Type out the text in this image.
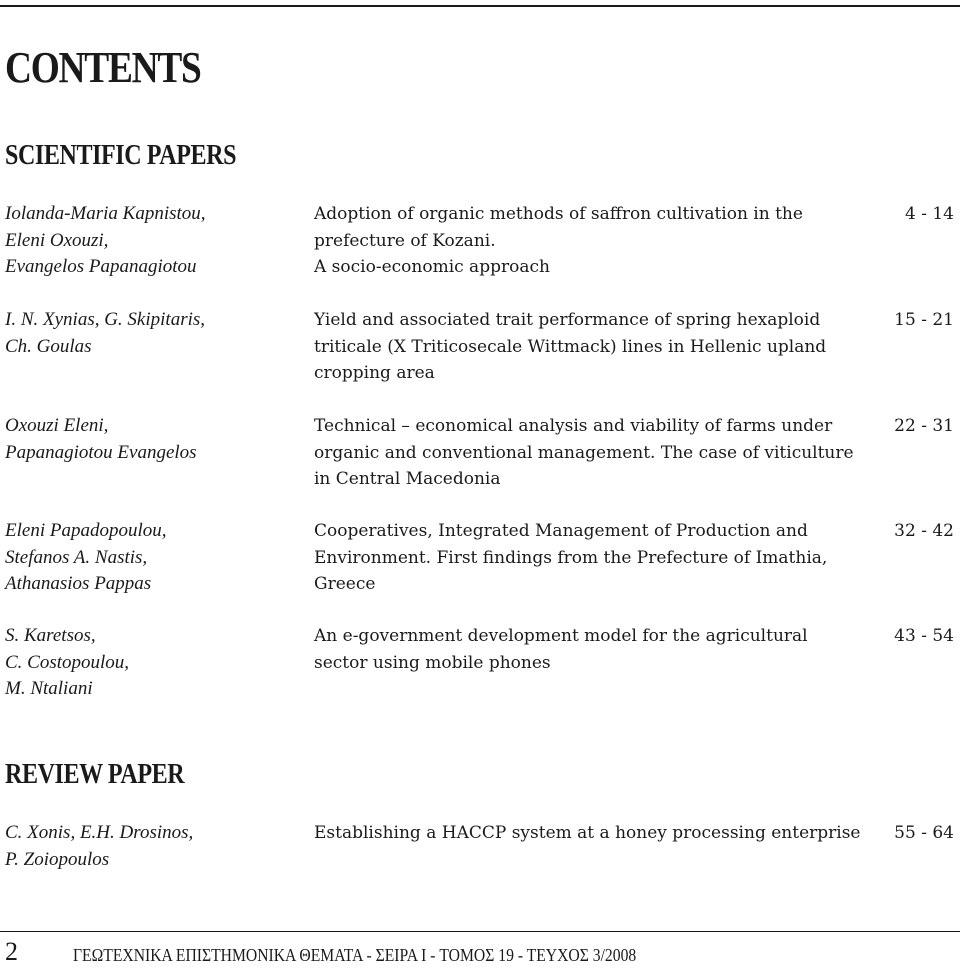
CONTENTS
SCIENTIFIC PAPERS
Iolanda-Maria Kapnistou,
Eleni Oxouzi,
Evangelos Papanagiotou
Adoption of organic methods of saffron cultivation in the
prefecture of Kozani.
A socio-economic approach
4 - 14
I. N. Xynias, G. Skipitaris,
Ch. Goulas
Yield and associated trait performance of spring hexaploid
triticale (X Triticosecale Wittmack) lines in Hellenic upland
cropping area
15 - 21
Oxouzi Eleni,
Papanagiotou Evangelos
Technical – economical analysis and viability of farms under
organic and conventional management. The case of viticulture
in Central Macedonia
22 - 31
Eleni Papadopoulou,
Stefanos A. Nastis,
Athanasios Pappas
Cooperatives, Integrated Management of Production and
Environment. First findings from the Prefecture of Imathia,
Greece
32 - 42
S. Karetsos,
C. Costopoulou,
M. Ntaliani
An e-government development model for the agricultural
sector using mobile phones
43 - 54
REVIEW PAPER
C. Xonis, E.H. Drosinos,
P. Zoiopoulos
Establishing a HACCP system at a honey processing enterprise	55 - 64
2	ΓΕΩΤΕΧΝΙΚΑ ΕΠΙΣΤΗΜΟΝΙΚΑ ΘΕΜΑΤΑ - ΣΕΙΡΑ I - ΤΟΜΟΣ 19 - ΤΕΥΧΟΣ 3/2008
